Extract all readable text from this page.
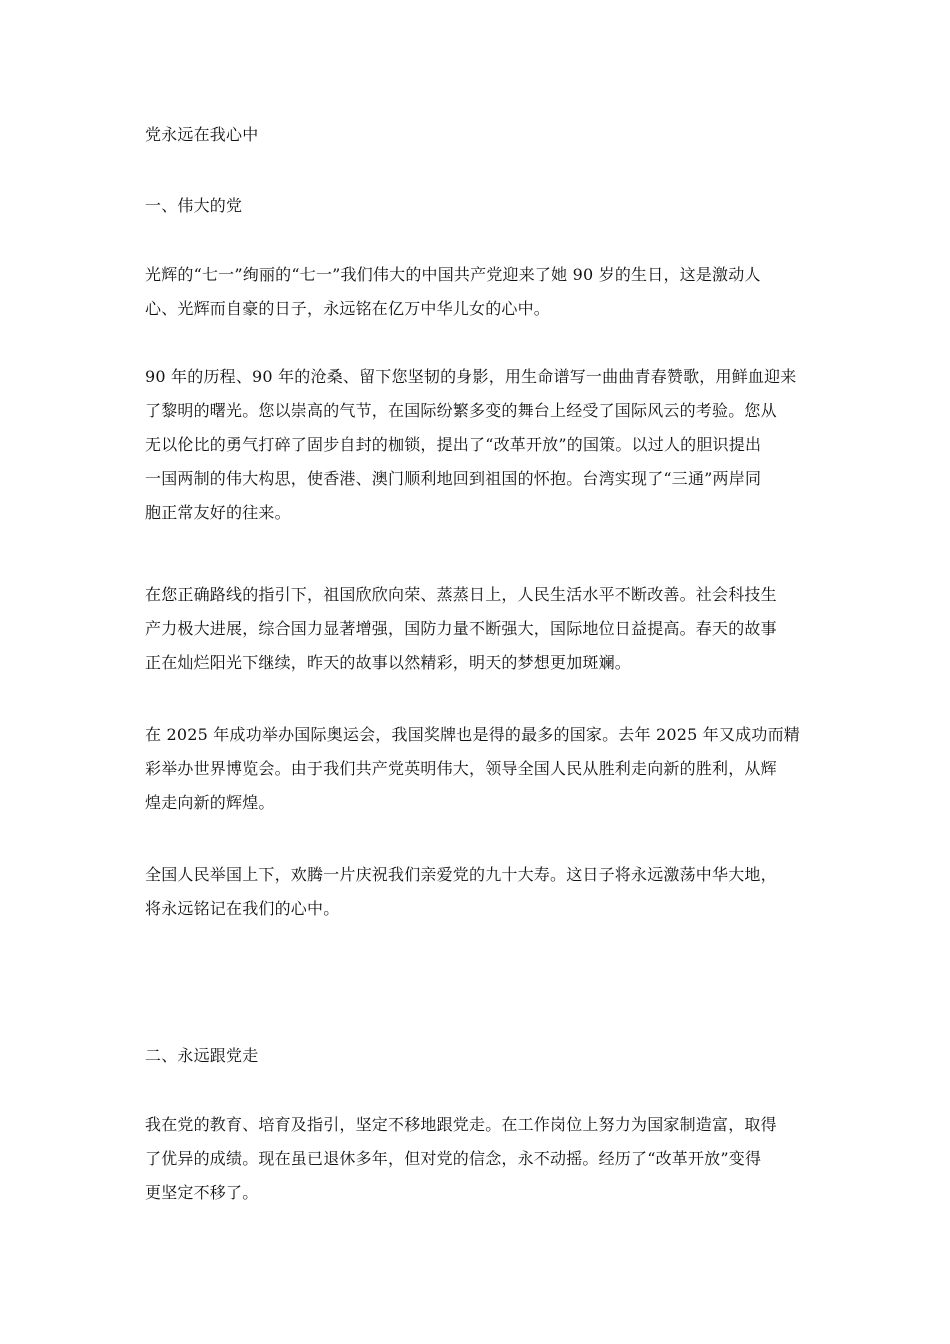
党永远在我心中
一、伟大的党
光辉的“七一”绚丽的“七一”我们伟大的中国共产党迎来了她 90 岁的生日，这是激动人
心、光辉而自豪的日子，永远铭在亿万中华儿女的心中。
90 年的历程、90 年的沧桑、留下您坚韧的身影，用生命谱写一曲曲青春赞歌，用鲜血迎来
了黎明的曙光。您以崇高的气节，在国际纷繁多变的舞台上经受了国际风云的考验。您从
无以伦比的勇气打碎了固步自封的枷锁，提出了“改革开放”的国策。以过人的胆识提出
一国两制的伟大构思，使香港、澳门顺利地回到祖国的怀抱。台湾实现了“三通”两岸同
胞正常友好的往来。
在您正确路线的指引下，祖国欣欣向荣、蒸蒸日上，人民生活水平不断改善。社会科技生
产力极大进展，综合国力显著增强，国防力量不断强大，国际地位日益提高。春天的故事
正在灿烂阳光下继续，昨天的故事以然精彩，明天的梦想更加斑斓。
在 2025 年成功举办国际奥运会，我国奖牌也是得的最多的国家。去年 2025 年又成功而精
彩举办世界博览会。由于我们共产党英明伟大，领导全国人民从胜利走向新的胜利，从辉
煌走向新的辉煌。
全国人民举国上下，欢腾一片庆祝我们亲爱党的九十大寿。这日子将永远激荡中华大地，
将永远铭记在我们的心中。
二、永远跟党走
我在党的教育、培育及指引，坚定不移地跟党走。在工作岗位上努力为国家制造富，取得
了优异的成绩。现在虽已退休多年，但对党的信念，永不动摇。经历了“改革开放”变得
更坚定不移了。
